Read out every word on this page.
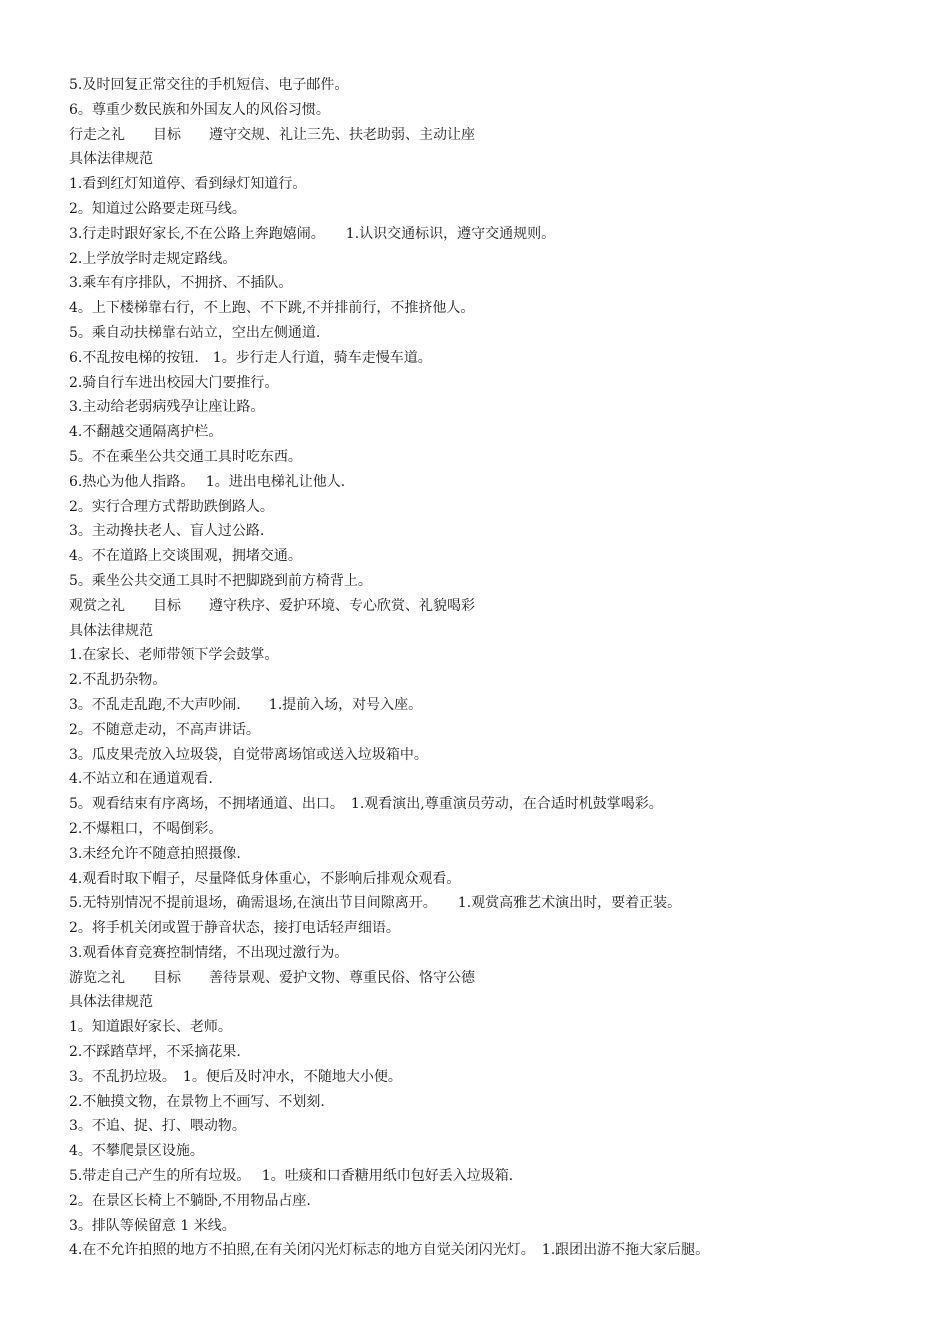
5.及时回复正常交往的手机短信、电子邮件。
6。尊重少数民族和外国友人的风俗习惯。
行走之礼　　目标　　遵守交规、礼让三先、扶老助弱、主动让座
具体法律规范
1.看到红灯知道停、看到绿灯知道行。
2。知道过公路要走斑马线。
3.行走时跟好家长,不在公路上奔跑嬉闹。　　1.认识交通标识，遵守交通规则。
2.上学放学时走规定路线。
3.乘车有序排队，不拥挤、不插队。
4。上下楼梯靠右行，不上跑、不下跳,不并排前行，不推挤他人。
5。乘自动扶梯靠右站立，空出左侧通道.
6.不乱按电梯的按钮.　1。步行走人行道，骑车走慢车道。
2.骑自行车进出校园大门要推行。
3.主动给老弱病残孕让座让路。
4.不翻越交通隔离护栏。
5。不在乘坐公共交通工具时吃东西。
6.热心为他人指路。　 1。进出电梯礼让他人.
2。实行合理方式帮助跌倒路人。
3。主动搀扶老人、盲人过公路.
4。不在道路上交谈围观，拥堵交通。
5。乘坐公共交通工具时不把脚跷到前方椅背上。
观赏之礼　　目标　　遵守秩序、爱护环境、专心欣赏、礼貌喝彩
具体法律规范
1.在家长、老师带领下学会鼓掌。
2.不乱扔杂物。
3。不乱走乱跑,不大声吵闹.　　1.提前入场，对号入座。
2。不随意走动，不高声讲话。
3。瓜皮果壳放入垃圾袋，自觉带离场馆或送入垃圾箱中。
4.不站立和在通道观看.
5。观看结束有序离场，不拥堵通道、出口。　1.观看演出,尊重演员劳动，在合适时机鼓掌喝彩。
2.不爆粗口，不喝倒彩。
3.未经允许不随意拍照摄像.
4.观看时取下帽子，尽量降低身体重心，不影响后排观众观看。
5.无特别情况不提前退场，确需退场,在演出节目间隙离开。　　1.观赏高雅艺术演出时，要着正装。
2。将手机关闭或置于静音状态，接打电话轻声细语。
3.观看体育竞赛控制情绪，不出现过激行为。
游览之礼　　目标　　善待景观、爱护文物、尊重民俗、恪守公德
具体法律规范
1。知道跟好家长、老师。
2.不踩踏草坪，不采摘花果.
3。不乱扔垃圾。　1。便后及时冲水，不随地大小便。
2.不触摸文物，在景物上不画写、不划刻.
3。不追、捉、打、喂动物。
4。不攀爬景区设施。
5.带走自己产生的所有垃圾。　 1。吐痰和口香糖用纸巾包好丢入垃圾箱.
2。在景区长椅上不躺卧,不用物品占座.
3。排队等候留意 1 米线。
4.在不允许拍照的地方不拍照,在有关闭闪光灯标志的地方自觉关闭闪光灯。　1.跟团出游不拖大家后腿。
